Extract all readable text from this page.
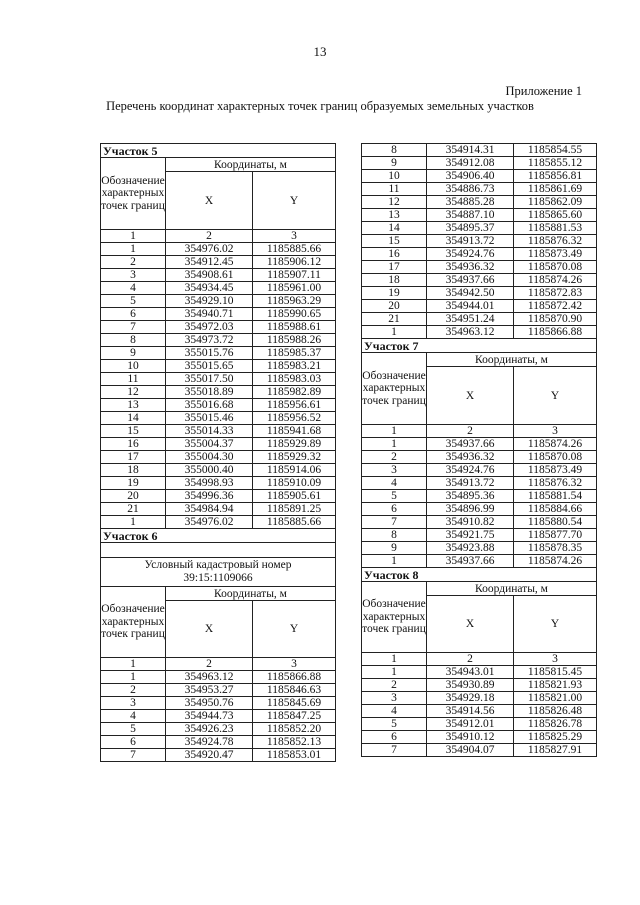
13
Приложение 1
Перечень координат характерных точек границ образуемых земельных участков
Участок 5		
Обозначение характерных точек границ	Координаты, м	
	X	Y
1	2	3
1	354976.02	1185885.66
2	354912.45	1185906.12
3	354908.61	1185907.11
4	354934.45	1185961.00
5	354929.10	1185963.29
6	354940.71	1185990.65
7	354972.03	1185988.61
8	354973.72	1185988.26
9	355015.76	1185985.37
10	355015.65	1185983.21
11	355017.50	1185983.03
12	355018.89	1185982.89
13	355016.68	1185956.61
14	355015.46	1185956.52
15	355014.33	1185941.68
16	355004.37	1185929.89
17	355004.30	1185929.32
18	355000.40	1185914.06
19	354998.93	1185910.09
20	354996.36	1185905.61
21	354984.94	1185891.25
1	354976.02	1185885.66
Участок 6		

Условный кадастровый номер
39:15:1109066		
Обозначение характерных точек границ	Координаты, м	
	X	Y
1	2	3
1	354963.12	1185866.88
2	354953.27	1185846.63
3	354950.76	1185845.69
4	354944.73	1185847.25
5	354926.23	1185852.20
6	354924.78	1185852.13
7	354920.47	1185853.01
8	354914.31	1185854.55
9	354912.08	1185855.12
10	354906.40	1185856.81
11	354886.73	1185861.69
12	354885.28	1185862.09
13	354887.10	1185865.60
14	354895.37	1185881.53
15	354913.72	1185876.32
16	354924.76	1185873.49
17	354936.32	1185870.08
18	354937.66	1185874.26
19	354942.50	1185872.83
20	354944.01	1185872.42
21	354951.24	1185870.90
1	354963.12	1185866.88
Участок 7		
Обозначение характерных точек границ	Координаты, м	
	X	Y
1	2	3
1	354937.66	1185874.26
2	354936.32	1185870.08
3	354924.76	1185873.49
4	354913.72	1185876.32
5	354895.36	1185881.54
6	354896.99	1185884.66
7	354910.82	1185880.54
8	354921.75	1185877.70
9	354923.88	1185878.35
1	354937.66	1185874.26
Участок 8		
Обозначение характерных точек границ	Координаты, м	
	X	Y
1	2	3
1	354943.01	1185815.45
2	354930.89	1185821.93
3	354929.18	1185821.00
4	354914.56	1185826.48
5	354912.01	1185826.78
6	354910.12	1185825.29
7	354904.07	1185827.91
